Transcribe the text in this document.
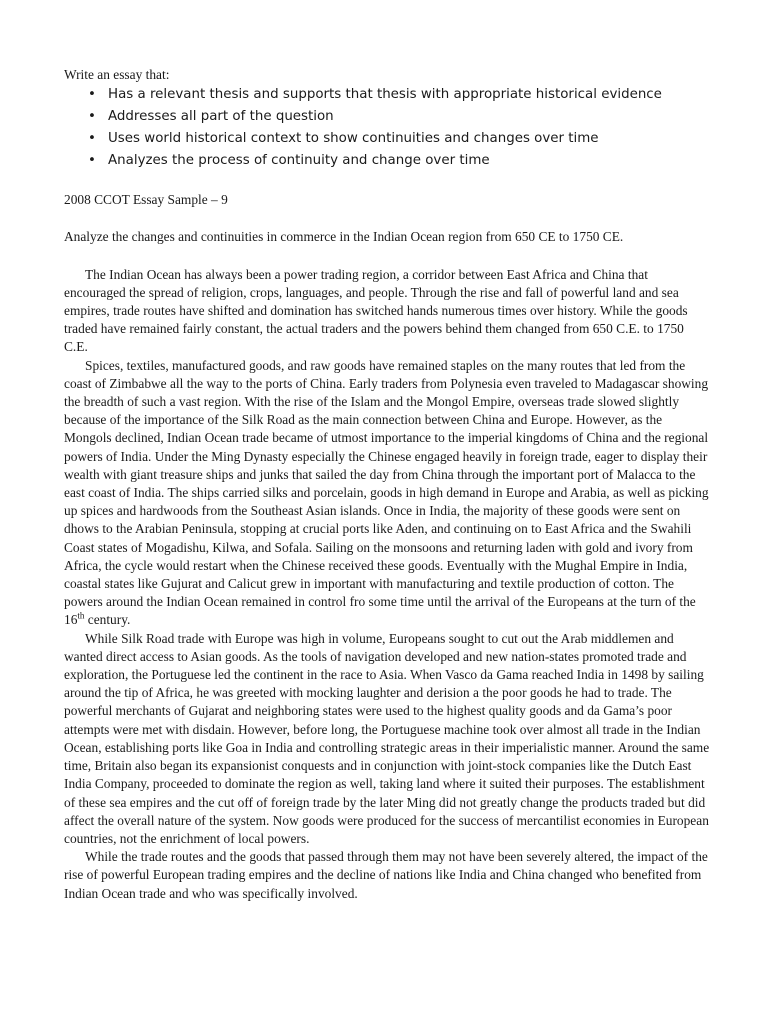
Write an essay that:

• Has a relevant thesis and supports that thesis with appropriate historical evidence
• Addresses all part of the question
• Uses world historical context to show continuities and changes over time
• Analyzes the process of continuity and change over time

2008 CCOT Essay Sample – 9

Analyze the changes and continuities in commerce in the Indian Ocean region from 650 CE to 1750 CE.

The Indian Ocean has always been a power trading region, a corridor between East Africa and China that encouraged the spread of religion, crops, languages, and people. Through the rise and fall of powerful land and sea empires, trade routes have shifted and domination has switched hands numerous times over history. While the goods traded have remained fairly constant, the actual traders and the powers behind them changed from 650 C.E. to 1750 C.E.

Spices, textiles, manufactured goods, and raw goods have remained staples on the many routes that led from the coast of Zimbabwe all the way to the ports of China. Early traders from Polynesia even traveled to Madagascar showing the breadth of such a vast region. With the rise of the Islam and the Mongol Empire, overseas trade slowed slightly because of the importance of the Silk Road as the main connection between China and Europe. However, as the Mongols declined, Indian Ocean trade became of utmost importance to the imperial kingdoms of China and the regional powers of India. Under the Ming Dynasty especially the Chinese engaged heavily in foreign trade, eager to display their wealth with giant treasure ships and junks that sailed the day from China through the important port of Malacca to the east coast of India. The ships carried silks and porcelain, goods in high demand in Europe and Arabia, as well as picking up spices and hardwoods from the Southeast Asian islands. Once in India, the majority of these goods were sent on dhows to the Arabian Peninsula, stopping at crucial ports like Aden, and continuing on to East Africa and the Swahili Coast states of Mogadishu, Kilwa, and Sofala. Sailing on the monsoons and returning laden with gold and ivory from Africa, the cycle would restart when the Chinese received these goods. Eventually with the Mughal Empire in India, coastal states like Gujurat and Calicut grew in important with manufacturing and textile production of cotton. The powers around the Indian Ocean remained in control fro some time until the arrival of the Europeans at the turn of the 16th century.

While Silk Road trade with Europe was high in volume, Europeans sought to cut out the Arab middlemen and wanted direct access to Asian goods. As the tools of navigation developed and new nation-states promoted trade and exploration, the Portuguese led the continent in the race to Asia. When Vasco da Gama reached India in 1498 by sailing around the tip of Africa, he was greeted with mocking laughter and derision a the poor goods he had to trade. The powerful merchants of Gujarat and neighboring states were used to the highest quality goods and da Gama’s poor attempts were met with disdain. However, before long, the Portuguese machine took over almost all trade in the Indian Ocean, establishing ports like Goa in India and controlling strategic areas in their imperialistic manner. Around the same time, Britain also began its expansionist conquests and in conjunction with joint-stock companies like the Dutch East India Company, proceeded to dominate the region as well, taking land where it suited their purposes. The establishment of these sea empires and the cut off of foreign trade by the later Ming did not greatly change the products traded but did affect the overall nature of the system. Now goods were produced for the success of mercantilist economies in European countries, not the enrichment of local powers.

While the trade routes and the goods that passed through them may not have been severely altered, the impact of the rise of powerful European trading empires and the decline of nations like India and China changed who benefited from Indian Ocean trade and who was specifically involved.
